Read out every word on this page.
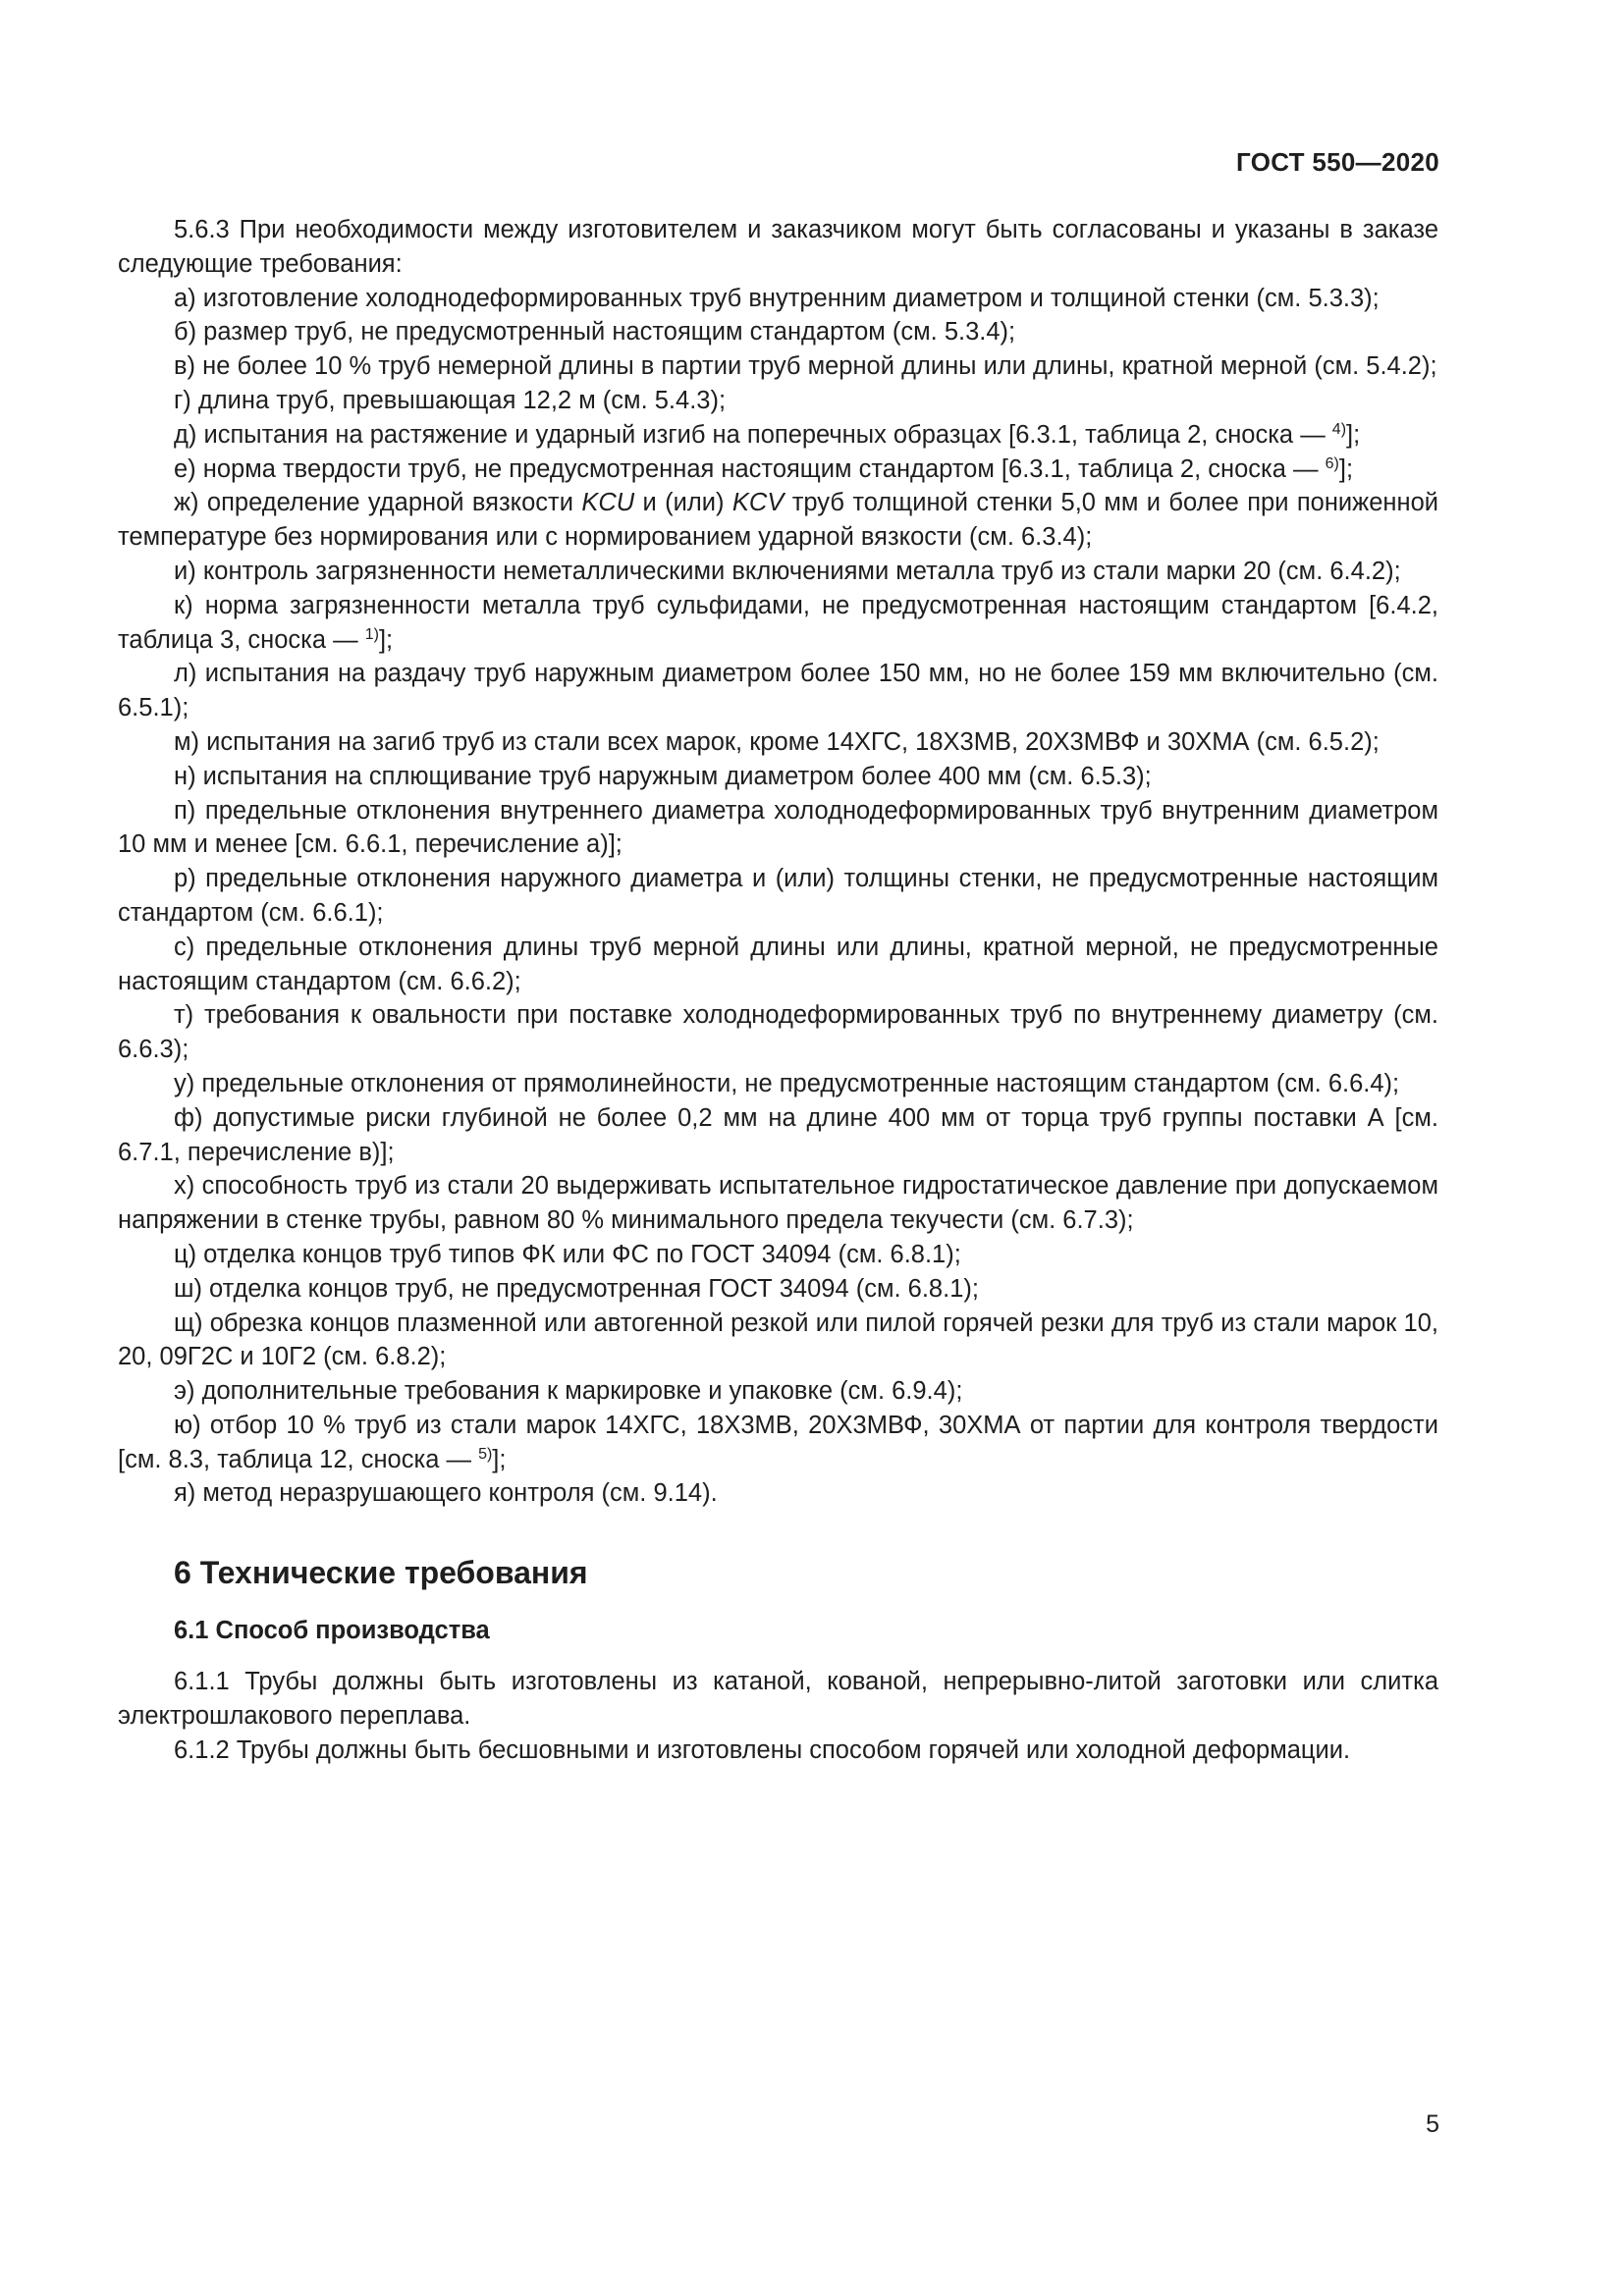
ГОСТ 550—2020

5.6.3 При необходимости между изготовителем и заказчиком могут быть согласованы и указаны в заказе следующие требования:

а) изготовление холоднодеформированных труб внутренним диаметром и толщиной стенки (см. 5.3.3);

б) размер труб, не предусмотренный настоящим стандартом (см. 5.3.4);

в) не более 10 % труб немерной длины в партии труб мерной длины или длины, кратной мерной (см. 5.4.2);

г) длина труб, превышающая 12,2 м (см. 5.4.3);

д) испытания на растяжение и ударный изгиб на поперечных образцах [6.3.1, таблица 2, сноска — $^{4)}$];

е) норма твердости труб, не предусмотренная настоящим стандартом [6.3.1, таблица 2, сноска — $^{6)}$];

ж) определение ударной вязкости KCU и (или) KCV труб толщиной стенки 5,0 мм и более при пониженной температуре без нормирования или с нормированием ударной вязкости (см. 6.3.4);

и) контроль загрязненности неметаллическими включениями металла труб из стали марки 20 (см. 6.4.2);

к) норма загрязненности металла труб сульфидами, не предусмотренная настоящим стандартом [6.4.2, таблица 3, сноска — $^{1)}$];

л) испытания на раздачу труб наружным диаметром более 150 мм, но не более 159 мм включительно (см. 6.5.1);

м) испытания на загиб труб из стали всех марок, кроме 14ХГС, 18Х3МВ, 20Х3МВФ и 30ХМА (см. 6.5.2);

н) испытания на сплющивание труб наружным диаметром более 400 мм (см. 6.5.3);

п) предельные отклонения внутреннего диаметра холоднодеформированных труб внутренним диаметром 10 мм и менее [см. 6.6.1, перечисление а)];

р) предельные отклонения наружного диаметра и (или) толщины стенки, не предусмотренные настоящим стандартом (см. 6.6.1);

с) предельные отклонения длины труб мерной длины или длины, кратной мерной, не предусмотренные настоящим стандартом (см. 6.6.2);

т) требования к овальности при поставке холоднодеформированных труб по внутреннему диаметру (см. 6.6.3);

у) предельные отклонения от прямолинейности, не предусмотренные настоящим стандартом (см. 6.6.4);

ф) допустимые риски глубиной не более 0,2 мм на длине 400 мм от торца труб группы поставки А [см. 6.7.1, перечисление в)];

х) способность труб из стали 20 выдерживать испытательное гидростатическое давление при допускаемом напряжении в стенке трубы, равном 80 % минимального предела текучести (см. 6.7.3);

ц) отделка концов труб типов ФК или ФС по ГОСТ 34094 (см. 6.8.1);

ш) отделка концов труб, не предусмотренная ГОСТ 34094 (см. 6.8.1);

щ) обрезка концов плазменной или автогенной резкой или пилой горячей резки для труб из стали марок 10, 20, 09Г2С и 10Г2 (см. 6.8.2);

э) дополнительные требования к маркировке и упаковке (см. 6.9.4);

ю) отбор 10 % труб из стали марок 14ХГС, 18Х3МВ, 20Х3МВФ, 30ХМА от партии для контроля твердости [см. 8.3, таблица 12, сноска — $^{5)}$];

я) метод неразрушающего контроля (см. 9.14).

6 Технические требования
6.1 Способ производства

6.1.1 Трубы должны быть изготовлены из катаной, кованой, непрерывно-литой заготовки или слитка электрошлакового переплава.

6.1.2 Трубы должны быть бесшовными и изготовлены способом горячей или холодной деформации.

5
